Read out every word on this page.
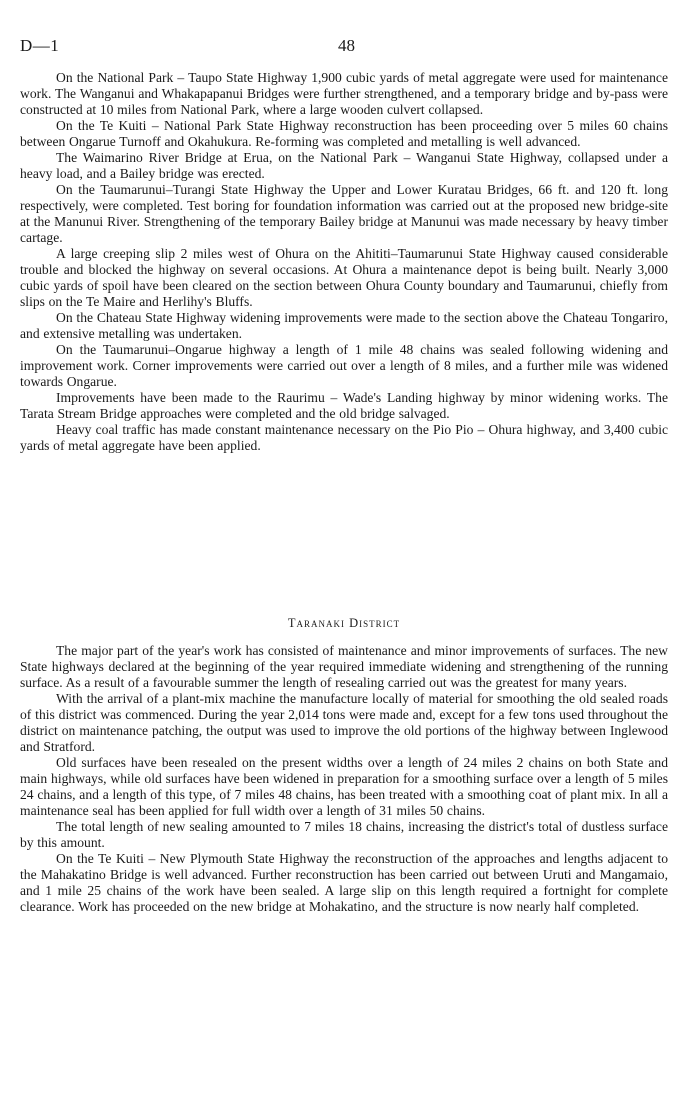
D—1	48

On the National Park – Taupo State Highway 1,900 cubic yards of metal aggregate were used for maintenance work. The Wanganui and Whakapapanui Bridges were further strengthened, and a temporary bridge and by-pass were constructed at 10 miles from National Park, where a large wooden culvert collapsed.

On the Te Kuiti – National Park State Highway reconstruction has been proceeding over 5 miles 60 chains between Ongarue Turnoff and Okahukura. Re-forming was completed and metalling is well advanced.

The Waimarino River Bridge at Erua, on the National Park – Wanganui State Highway, collapsed under a heavy load, and a Bailey bridge was erected.

On the Taumarunui–Turangi State Highway the Upper and Lower Kuratau Bridges, 66 ft. and 120 ft. long respectively, were completed. Test boring for foundation information was carried out at the proposed new bridge-site at the Manunui River. Strengthening of the temporary Bailey bridge at Manunui was made necessary by heavy timber cartage.

A large creeping slip 2 miles west of Ohura on the Ahititi–Taumarunui State Highway caused considerable trouble and blocked the highway on several occasions. At Ohura a maintenance depot is being built. Nearly 3,000 cubic yards of spoil have been cleared on the section between Ohura County boundary and Taumarunui, chiefly from slips on the Te Maire and Herlihy's Bluffs.

On the Chateau State Highway widening improvements were made to the section above the Chateau Tongariro, and extensive metalling was undertaken.

On the Taumarunui–Ongarue highway a length of 1 mile 48 chains was sealed following widening and improvement work. Corner improvements were carried out over a length of 8 miles, and a further mile was widened towards Ongarue.

Improvements have been made to the Raurimu – Wade's Landing highway by minor widening works. The Tarata Stream Bridge approaches were completed and the old bridge salvaged.

Heavy coal traffic has made constant maintenance necessary on the Pio Pio – Ohura highway, and 3,400 cubic yards of metal aggregate have been applied.

Taranaki District

The major part of the year's work has consisted of maintenance and minor improvements of surfaces. The new State highways declared at the beginning of the year required immediate widening and strengthening of the running surface. As a result of a favourable summer the length of resealing carried out was the greatest for many years.

With the arrival of a plant-mix machine the manufacture locally of material for smoothing the old sealed roads of this district was commenced. During the year 2,014 tons were made and, except for a few tons used throughout the district on maintenance patching, the output was used to improve the old portions of the highway between Inglewood and Stratford.

Old surfaces have been resealed on the present widths over a length of 24 miles 2 chains on both State and main highways, while old surfaces have been widened in preparation for a smoothing surface over a length of 5 miles 24 chains, and a length of this type, of 7 miles 48 chains, has been treated with a smoothing coat of plant mix. In all a maintenance seal has been applied for full width over a length of 31 miles 50 chains.

The total length of new sealing amounted to 7 miles 18 chains, increasing the district's total of dustless surface by this amount.

On the Te Kuiti – New Plymouth State Highway the reconstruction of the approaches and lengths adjacent to the Mahakatino Bridge is well advanced. Further reconstruction has been carried out between Uruti and Mangamaio, and 1 mile 25 chains of the work have been sealed. A large slip on this length required a fortnight for complete clearance. Work has proceeded on the new bridge at Mohakatino, and the structure is now nearly half completed.
